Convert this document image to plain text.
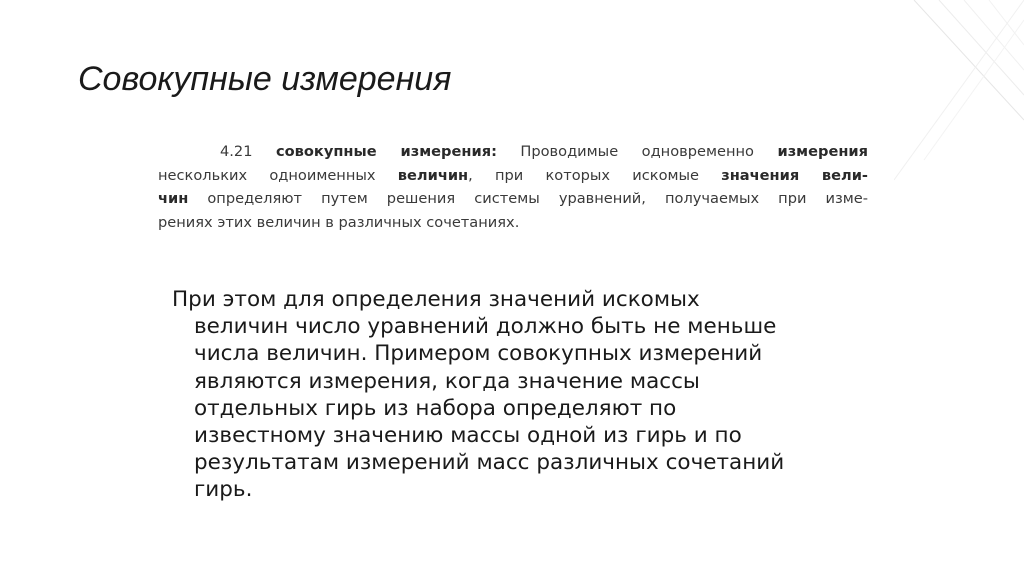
Совокупные измерения
4.21 совокупные измерения: Проводимые одновременно измерения
нескольких одноименных величин, при которых искомые значения вели-
чин определяют путем решения системы уравнений, получаемых при изме-
рениях этих величин в различных сочетаниях.
При этом для определения значений искомых
величин число уравнений должно быть не меньше
числа величин. Примером совокупных измерений
являются измерения, когда значение массы
отдельных гирь из набора определяют по
известному значению массы одной из гирь и по
результатам измерений масс различных сочетаний
гирь.
